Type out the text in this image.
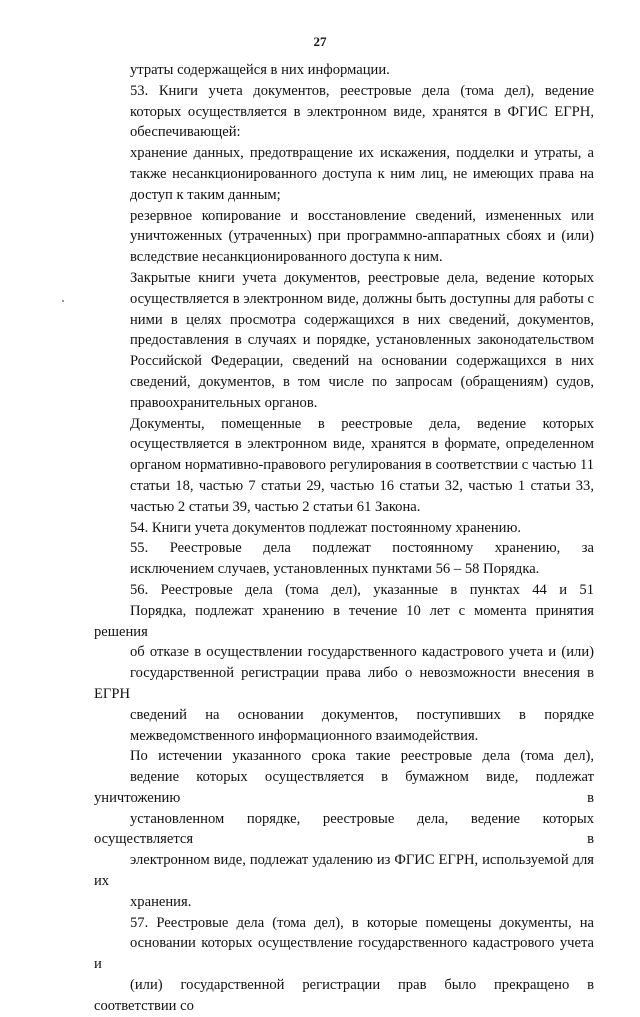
27
утраты содержащейся в них информации.
53. Книги учета документов, реестровые дела (тома дел), ведение
которых осуществляется в электронном виде, хранятся в ФГИС ЕГРН,
обеспечивающей:
хранение данных, предотвращение их искажения, подделки и утраты, а
также несанкционированного доступа к ним лиц, не имеющих права на
доступ к таким данным;
резервное копирование и восстановление сведений, измененных или
уничтоженных (утраченных) при программно-аппаратных сбоях и (или)
вследствие несанкционированного доступа к ним.
Закрытые книги учета документов, реестровые дела, ведение которых
осуществляется в электронном виде, должны быть доступны для работы с
ними в целях просмотра содержащихся в них сведений, документов,
предоставления в случаях и порядке, установленных законодательством
Российской Федерации, сведений на основании содержащихся в них
сведений, документов, в том числе по запросам (обращениям) судов,
правоохранительных органов.
Документы, помещенные в реестровые дела, ведение которых
осуществляется в электронном виде, хранятся в формате, определенном
органом нормативно-правового регулирования в соответствии с частью 11
статьи 18, частью 7 статьи 29, частью 16 статьи 32, частью 1 статьи 33,
частью 2 статьи 39, частью 2 статьи 61 Закона.
54. Книги учета документов подлежат постоянному хранению.
55. Реестровые дела подлежат постоянному хранению, за
исключением случаев, установленных пунктами 56 – 58 Порядка.
56. Реестровые дела (тома дел), указанные в пунктах 44 и 51
Порядка, подлежат хранению в течение 10 лет с момента принятия решения
об отказе в осуществлении государственного кадастрового учета и (или)
государственной регистрации права либо о невозможности внесения в ЕГРН
сведений на основании документов, поступивших в порядке
межведомственного информационного взаимодействия.
По истечении указанного срока такие реестровые дела (тома дел),
ведение которых осуществляется в бумажном виде, подлежат уничтожению в
установленном порядке, реестровые дела, ведение которых осуществляется в
электронном виде, подлежат удалению из ФГИС ЕГРН, используемой для их
хранения.
57. Реестровые дела (тома дел), в которые помещены документы, на
основании которых осуществление государственного кадастрового учета и
(или) государственной регистрации прав было прекращено в соответствии со
